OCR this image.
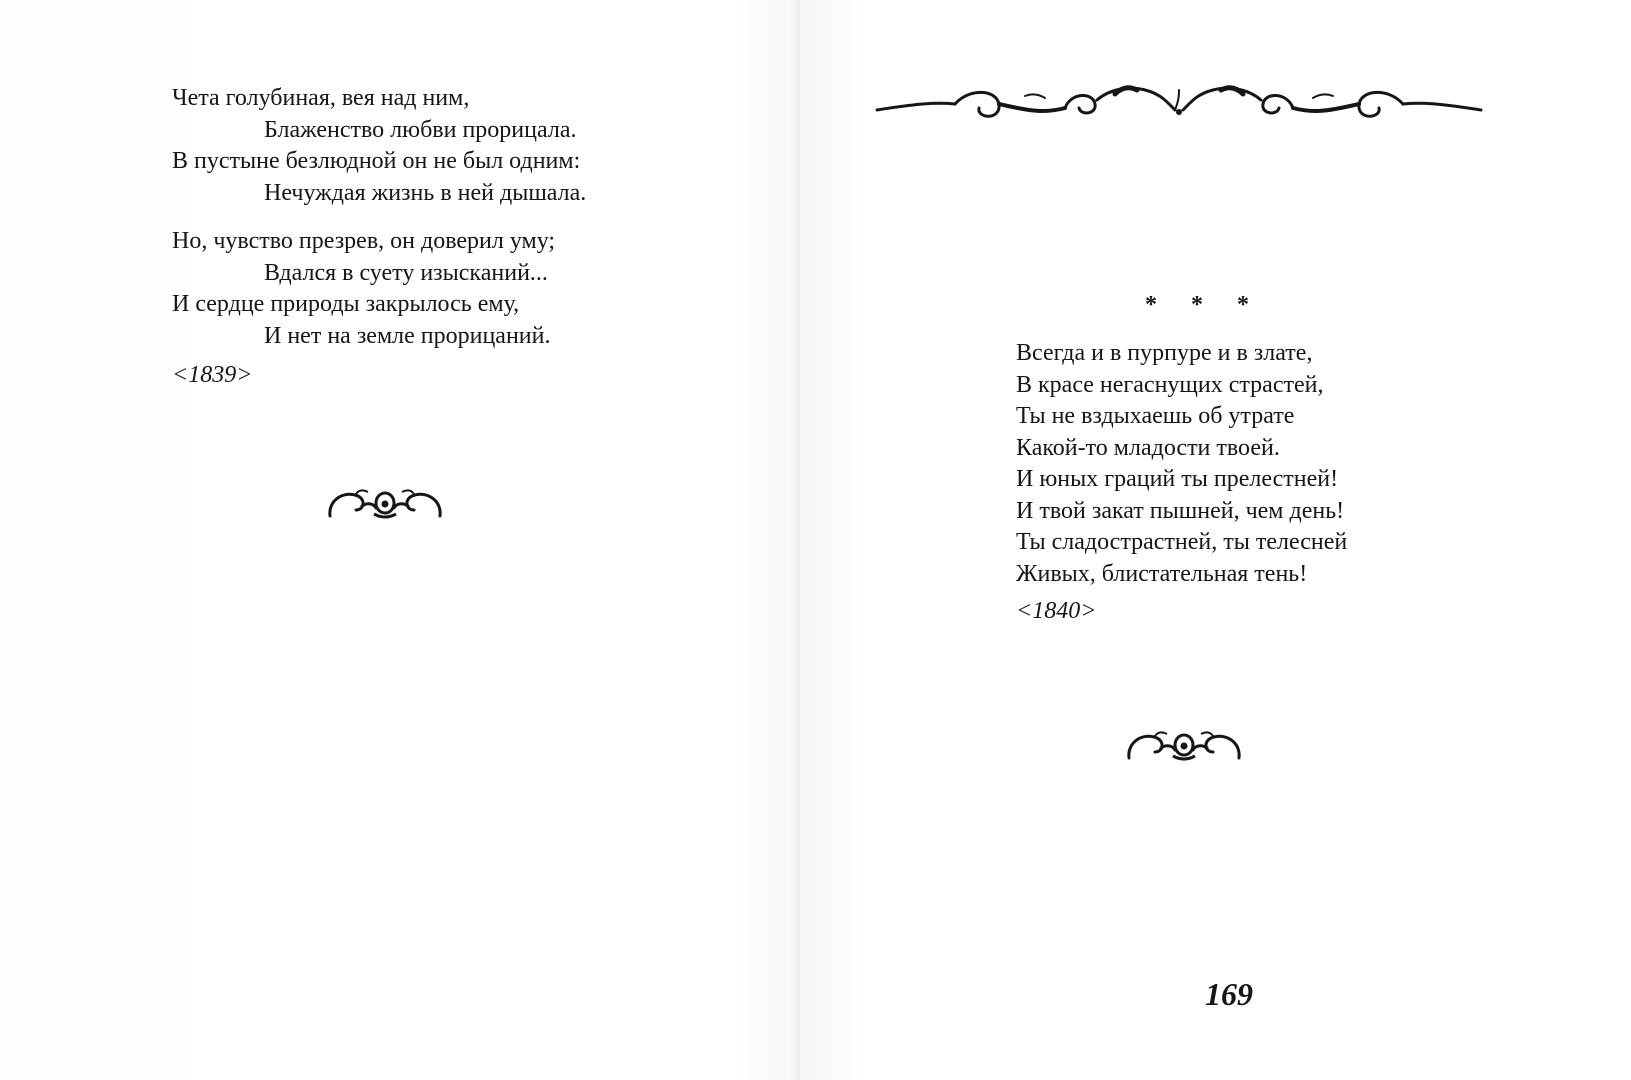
Чета голубиная, вея над ним,
Блаженство любви прорицала.
В пустыне безлюдной он не был одним:
Нечуждая жизнь в ней дышала.
Но, чувство презрев, он доверил уму;
Вдался в суету изысканий...
И сердце природы закрылось ему,
И нет на земле прорицаний.
<1839>
* * *
Всегда и в пурпуре и в злате,
В красе негаснущих страстей,
Ты не вздыхаешь об утрате
Какой-то младости твоей.
И юных граций ты прелестней!
И твой закат пышней, чем день!
Ты сладострастней, ты телесней
Живых, блистательная тень!
<1840>
169
